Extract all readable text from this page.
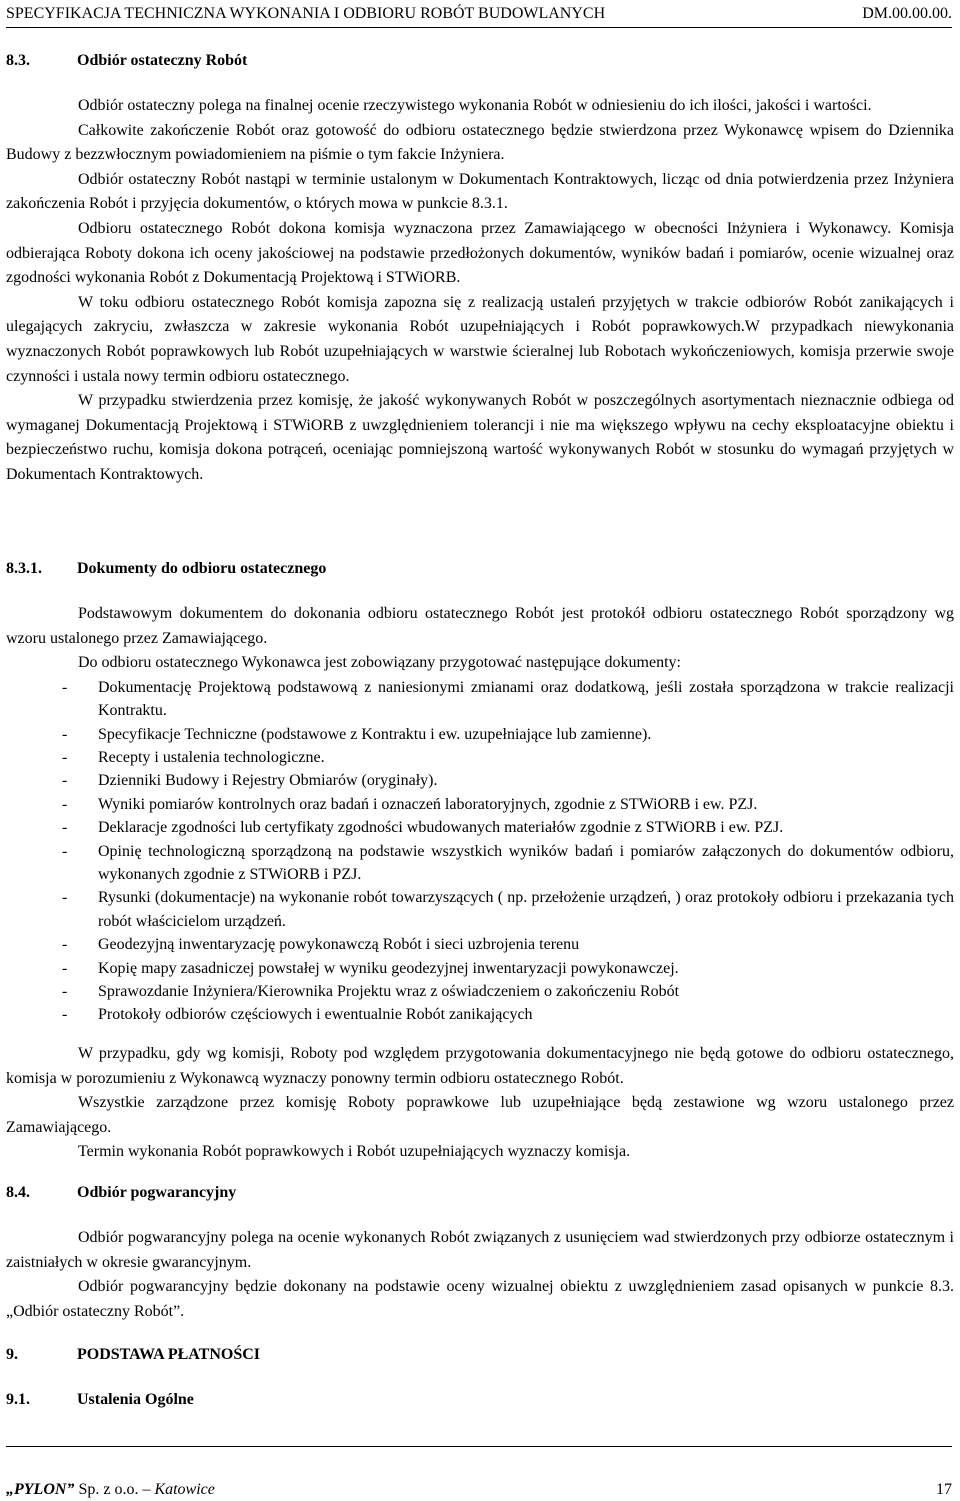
SPECYFIKACJA TECHNICZNA WYKONANIA I ODBIORU ROBÓT BUDOWLANYCH	DM.00.00.00.
8.3.	Odbiór ostateczny Robót
Odbiór ostateczny polega na finalnej ocenie rzeczywistego wykonania Robót w odniesieniu do ich ilości, jakości i wartości.
Całkowite zakończenie Robót oraz gotowość do odbioru ostatecznego będzie stwierdzona przez Wykonawcę wpisem do Dziennika Budowy z bezzwłocznym powiadomieniem na piśmie o tym fakcie Inżyniera.
Odbiór ostateczny Robót nastąpi w terminie ustalonym w Dokumentach Kontraktowych, licząc od dnia potwierdzenia przez Inżyniera zakończenia Robót i przyjęcia dokumentów, o których mowa w punkcie 8.3.1.
Odbioru ostatecznego Robót dokona komisja wyznaczona przez Zamawiającego w obecności Inżyniera i Wykonawcy. Komisja odbierająca Roboty dokona ich oceny jakościowej na podstawie przedłożonych dokumentów, wyników badań i pomiarów, ocenie wizualnej oraz zgodności wykonania Robót z Dokumentacją Projektową i STWiORB.
W toku odbioru ostatecznego Robót komisja zapozna się z realizacją ustaleń przyjętych w trakcie odbiorów Robót zanikających i ulegających zakryciu, zwłaszcza w zakresie wykonania Robót uzupełniających i Robót poprawkowych.W przypadkach niewykonania wyznaczonych Robót poprawkowych lub Robót uzupełniających w warstwie ścieralnej lub Robotach wykończeniowych, komisja przerwie swoje czynności i ustala nowy termin odbioru ostatecznego.
W przypadku stwierdzenia przez komisję, że jakość wykonywanych Robót w poszczególnych asortymentach nieznacznie odbiega od wymaganej Dokumentacją Projektową i STWiORB z uwzględnieniem tolerancji i nie ma większego wpływu na cechy eksploatacyjne obiektu i bezpieczeństwo ruchu, komisja dokona potrąceń, oceniając pomniejszoną wartość wykonywanych Robót w stosunku do wymagań przyjętych w Dokumentach Kontraktowych.
8.3.1. Dokumenty do odbioru ostatecznego
Podstawowym dokumentem do dokonania odbioru ostatecznego Robót jest protokół odbioru ostatecznego Robót sporządzony wg wzoru ustalonego przez Zamawiającego.
Do odbioru ostatecznego Wykonawca jest zobowiązany przygotować następujące dokumenty:
- Dokumentację Projektową podstawową z naniesionymi zmianami oraz dodatkową, jeśli została sporządzona w trakcie realizacji Kontraktu.
- Specyfikacje Techniczne (podstawowe z Kontraktu i ew. uzupełniające lub zamienne).
- Recepty i ustalenia technologiczne.
- Dzienniki Budowy i Rejestry Obmiarów (oryginały).
- Wyniki pomiarów kontrolnych oraz badań i oznaczeń laboratoryjnych, zgodnie z STWiORB i ew. PZJ.
- Deklaracje zgodności lub certyfikaty zgodności wbudowanych materiałów zgodnie z STWiORB i ew. PZJ.
- Opinię technologiczną sporządzoną na podstawie wszystkich wyników badań i pomiarów załączonych do dokumentów odbioru, wykonanych zgodnie z STWiORB i PZJ.
- Rysunki (dokumentacje) na wykonanie robót towarzyszących ( np. przełożenie urządzeń, ) oraz protokoły odbioru i przekazania tych robót właścicielom urządzeń.
- Geodezyjną inwentaryzację powykonawczą Robót i sieci uzbrojenia terenu
- Kopię mapy zasadniczej powstałej w wyniku geodezyjnej inwentaryzacji powykonawczej.
- Sprawozdanie Inżyniera/Kierownika Projektu wraz z oświadczeniem o zakończeniu Robót
- Protokoły odbiorów częściowych i ewentualnie Robót zanikających
W przypadku, gdy wg komisji, Roboty pod względem przygotowania dokumentacyjnego nie będą gotowe do odbioru ostatecznego, komisja w porozumieniu z Wykonawcą wyznaczy ponowny termin odbioru ostatecznego Robót.
Wszystkie zarządzone przez komisję Roboty poprawkowe lub uzupełniające będą zestawione wg wzoru ustalonego przez Zamawiającego.
Termin wykonania Robót poprawkowych i Robót uzupełniających wyznaczy komisja.
8.4.	Odbiór pogwarancyjny
Odbiór pogwarancyjny polega na ocenie wykonanych Robót związanych z usunięciem wad stwierdzonych przy odbiorze ostatecznym i zaistniałych w okresie gwarancyjnym.
Odbiór pogwarancyjny będzie dokonany na podstawie oceny wizualnej obiektu z uwzględnieniem zasad opisanych w punkcie 8.3. „Odbiór ostateczny Robót”.
9.	PODSTAWA PŁATNOŚCI
9.1.	Ustalenia Ogólne
„PYLON” Sp. z o.o. – Katowice	17
